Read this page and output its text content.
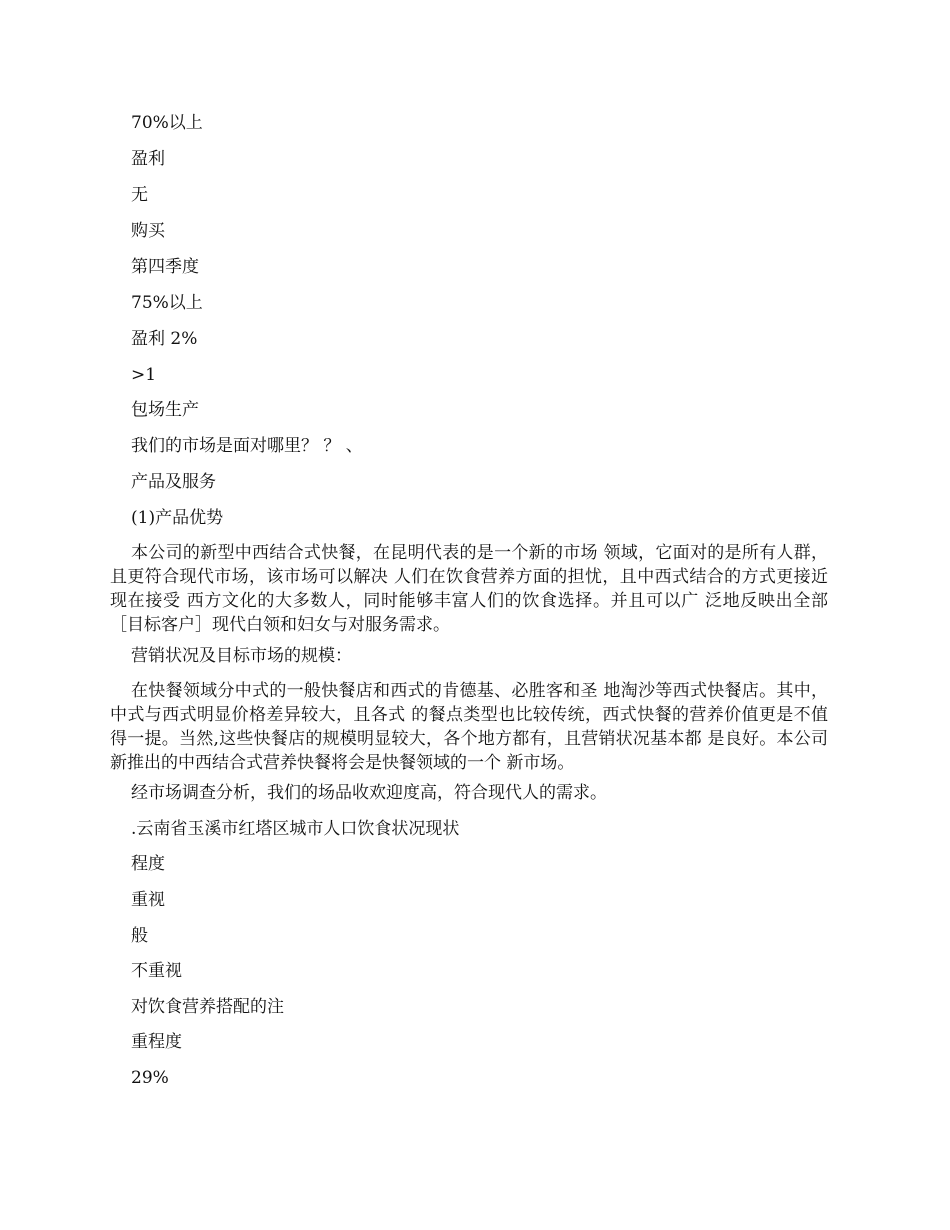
70%以上

盈利

无

购买

第四季度

75%以上

盈利 2%

>1

包场生产

我们的市场是面对哪里？ ？ 、

产品及服务

(1)产品优势

本公司的新型中西结合式快餐，在昆明代表的是一个新的市场 领域，它面对的是所有人群，且更符合现代市场，该市场可以解决 人们在饮食营养方面的担忧，且中西式结合的方式更接近现在接受 西方文化的大多数人，同时能够丰富人们的饮食选择。并且可以广 泛地反映出全部［目标客户］现代白领和妇女与对服务需求。

营销状况及目标市场的规模：

在快餐领域分中式的一般快餐店和西式的肯德基、必胜客和圣 地淘沙等西式快餐店。其中，中式与西式明显价格差异较大，且各式 的餐点类型也比较传统，西式快餐的营养价值更是不值得一提。当然,这些快餐店的规模明显较大，各个地方都有，且营销状况基本都 是良好。本公司新推出的中西结合式营养快餐将会是快餐领域的一个 新市场。

经市场调查分析，我们的场品收欢迎度高，符合现代人的需求。

.云南省玉溪市红塔区城市人口饮食状况现状

程度

重视

般

不重视

对饮食营养搭配的注

重程度

29%
